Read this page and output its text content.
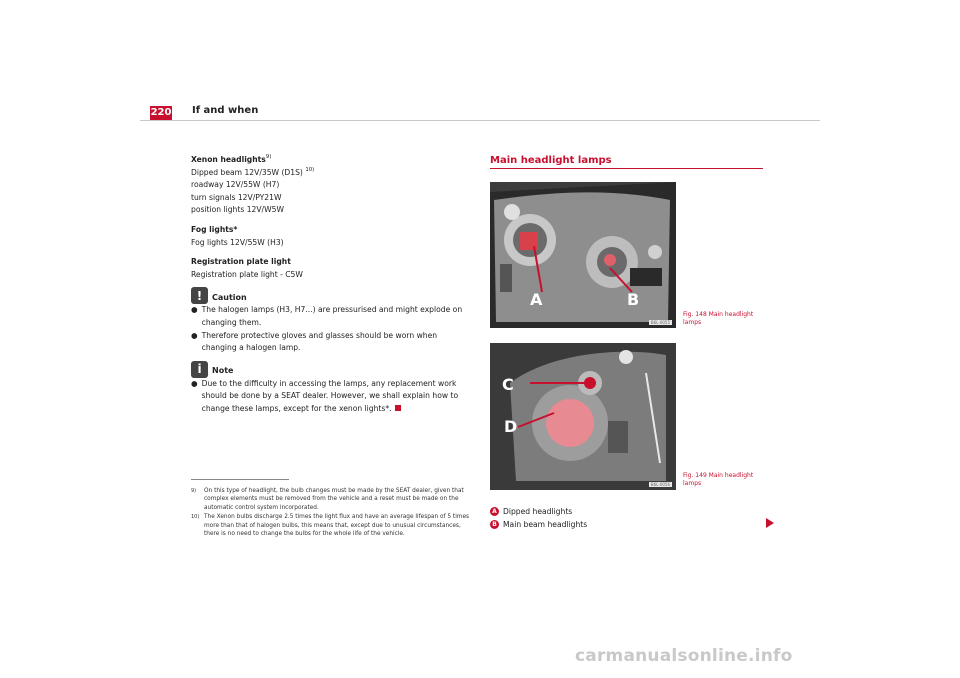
220 If and when

Xenon headlights$^{9)}$

Dipped beam 12V/35W (D1S) $^{10)}$

roadway 12V/55W (H7)

turn signals 12V/PY21W

position lights 12V/W5W

Fog lights*

Fog lights 12V/55W (H3)

Registration plate light

Registration plate light - C5W

!	Caution
● The halogen lamps (H3, H7...) are pressurised and might explode on changing them.
● Therefore protective gloves and glasses should be worn when changing a halogen lamp.
i	Note
● Due to the difficulty in accessing the lamps, any replacement work should be done by a SEAT dealer. However, we shall explain how to change these lamps, except for the xenon lights*.
9)	On this type of headlight, the bulb changes must be made by the SEAT dealer, given that complex elements must be removed from the vehicle and a reset must be made on the automatic control system incorporated.
10) The Xenon bulbs discharge 2.5 times the light flux and have an average lifespan of 5 times more than that of halogen bulbs, this means that, except due to unusual circumstances, there is no need to change the bulbs for the whole life of the vehicle.
Main headlight lamps
A	B
B6L-0055
Fig. 148 Main headlight lamps
C
D
B6L-0056
Fig. 149 Main headlight lamps
A Dipped headlights
B Main beam headlights
carmanualsonline.info
